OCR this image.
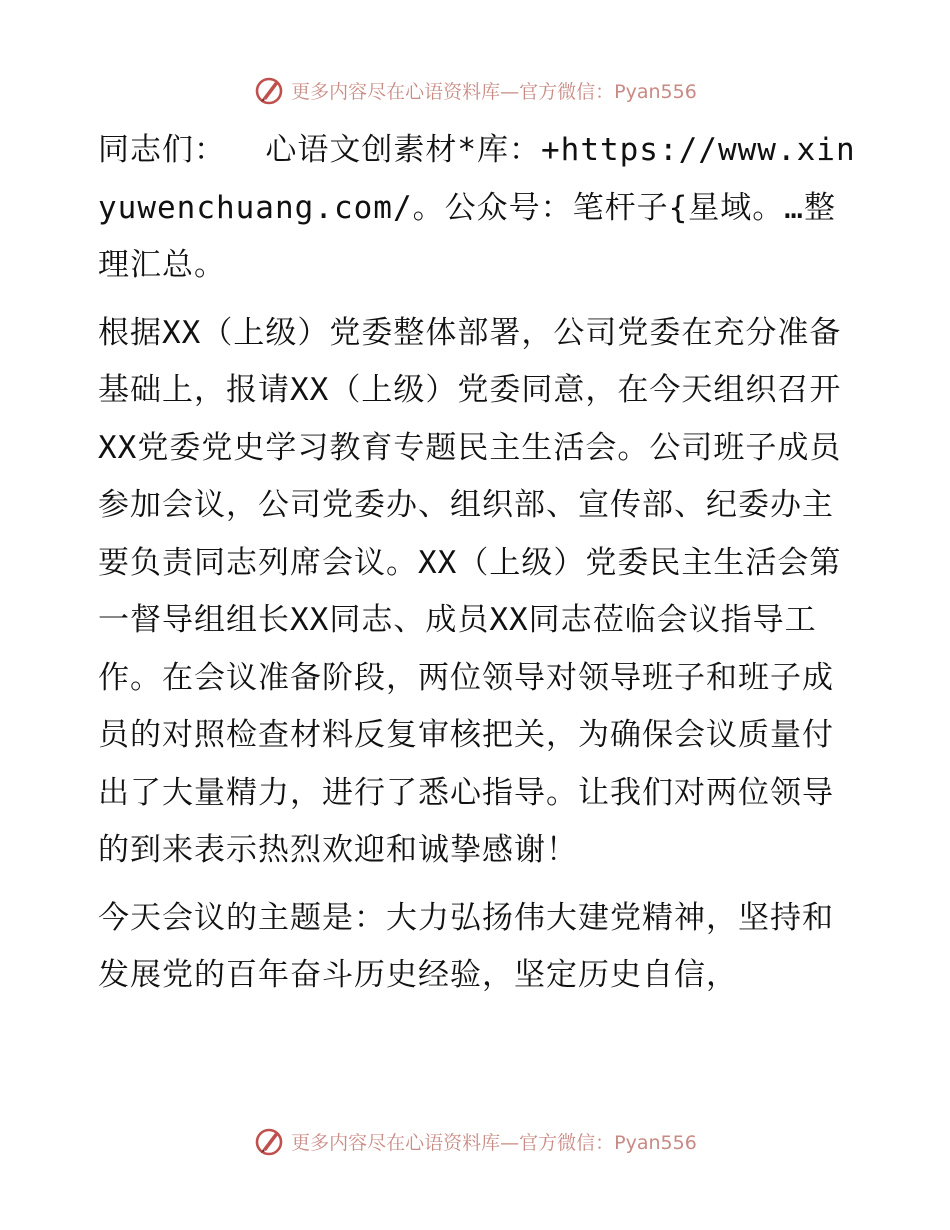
更多内容尽在心语资料库—官方微信：Pyan556

同志们：  心语文创素材*库：+https://www.xinyuwenchuang.com/。公众号：笔杆子{星域。…整理汇总。

根据XX（上级）党委整体部署，公司党委在充分准备基础上，报请XX（上级）党委同意，在今天组织召开XX党委党史学习教育专题民主生活会。公司班子成员参加会议，公司党委办、组织部、宣传部、纪委办主要负责同志列席会议。XX（上级）党委民主生活会第一督导组组长XX同志、成员XX同志莅临会议指导工作。在会议准备阶段，两位领导对领导班子和班子成员的对照检查材料反复审核把关，为确保会议质量付出了大量精力，进行了悉心指导。让我们对两位领导的到来表示热烈欢迎和诚挚感谢！

今天会议的主题是：大力弘扬伟大建党精神，坚持和发展党的百年奋斗历史经验，坚定历史自信，

更多内容尽在心语资料库—官方微信：Pyan556
